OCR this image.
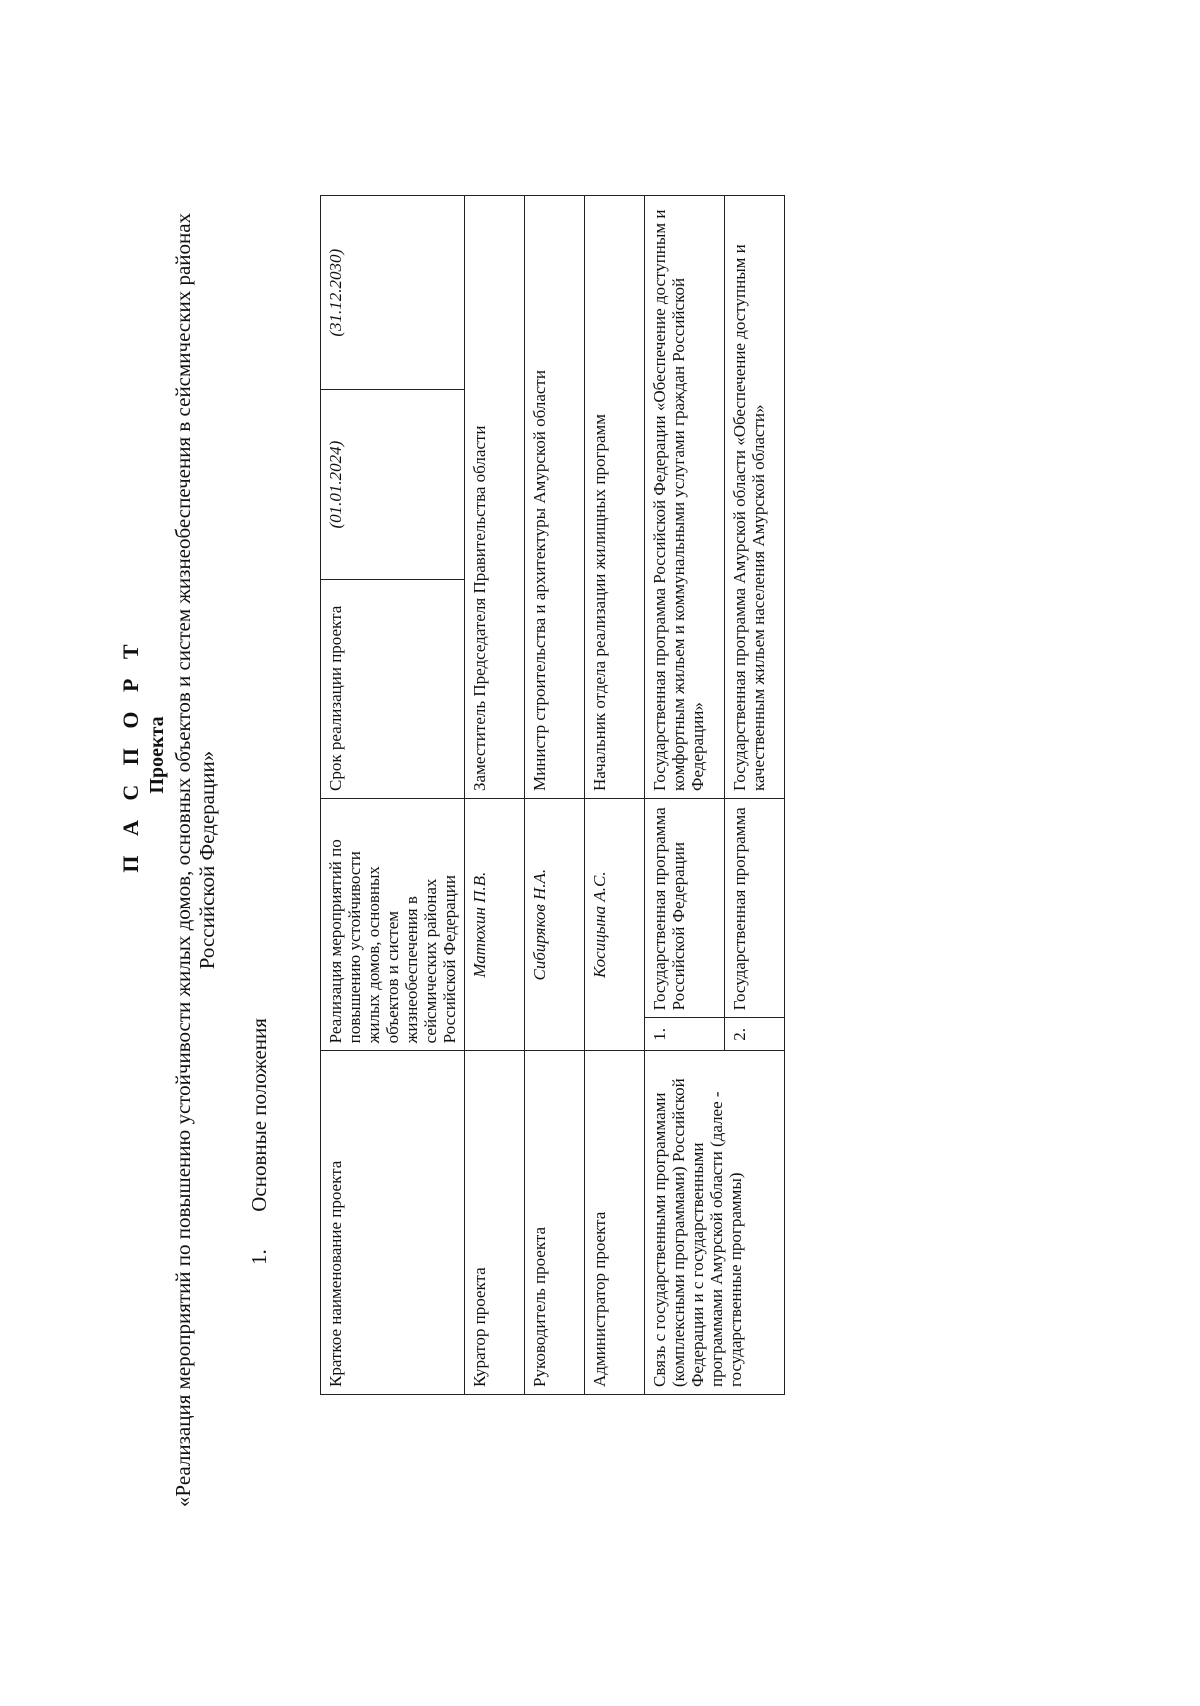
П А С П О Р Т Проекта «Реализация мероприятий по повышению устойчивости жилых домов, основных объектов и систем жизнеобеспечения в сейсмических районах Российской Федерации»
1. Основные положения
Краткое наименование проекта	Реализация мероприятий по повышению устойчивости жилых домов, основных объектов и систем жизнеобеспечения в сейсмических районах Российской Федерации		Срок реализации проекта	(01.01.2024)	(31.12.2030)
Куратор проекта	Матюхин П.В.		Заместитель Председателя Правительства области		
Руководитель проекта	Сибиряков Н.А.		Министр строительства и архитектуры Амурской области		
Администратор проекта	Косицына А.С.		Начальник отдела реализации жилищных программ		
Связь с государственными программами (комплексными программами) Российской Федерации и с государственными программами Амурской области (далее - государственные программы)	1.	Государственная программа Российской Федерации	Государственная программа Российской Федерации «Обеспечение доступным и комфортным жильем и коммунальными услугами граждан Российской Федерации»		
	2.	Государственная программа	Государственная программа Амурской области «Обеспечение доступным и качественным жильем населения Амурской области»		
